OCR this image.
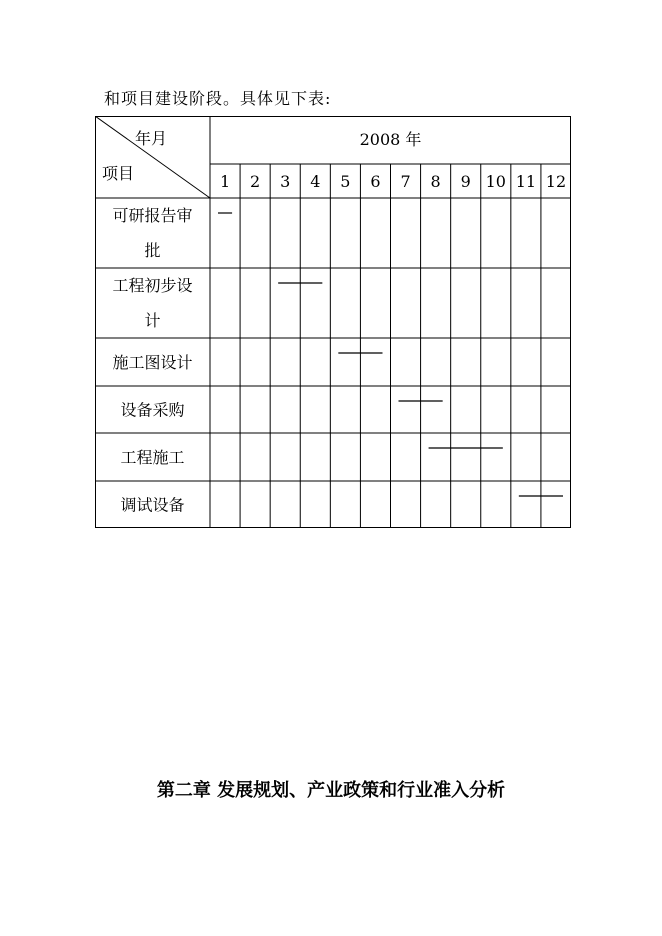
和项目建设阶段。具体见下表:
年月
项目
2008 年
1 2 3 4 5 6 7 8 9 10 11 12
可研报告审
批
工程初步设
计
施工图设计
设备采购
工程施工
调试设备
第二章 发展规划、产业政策和行业准入分析
